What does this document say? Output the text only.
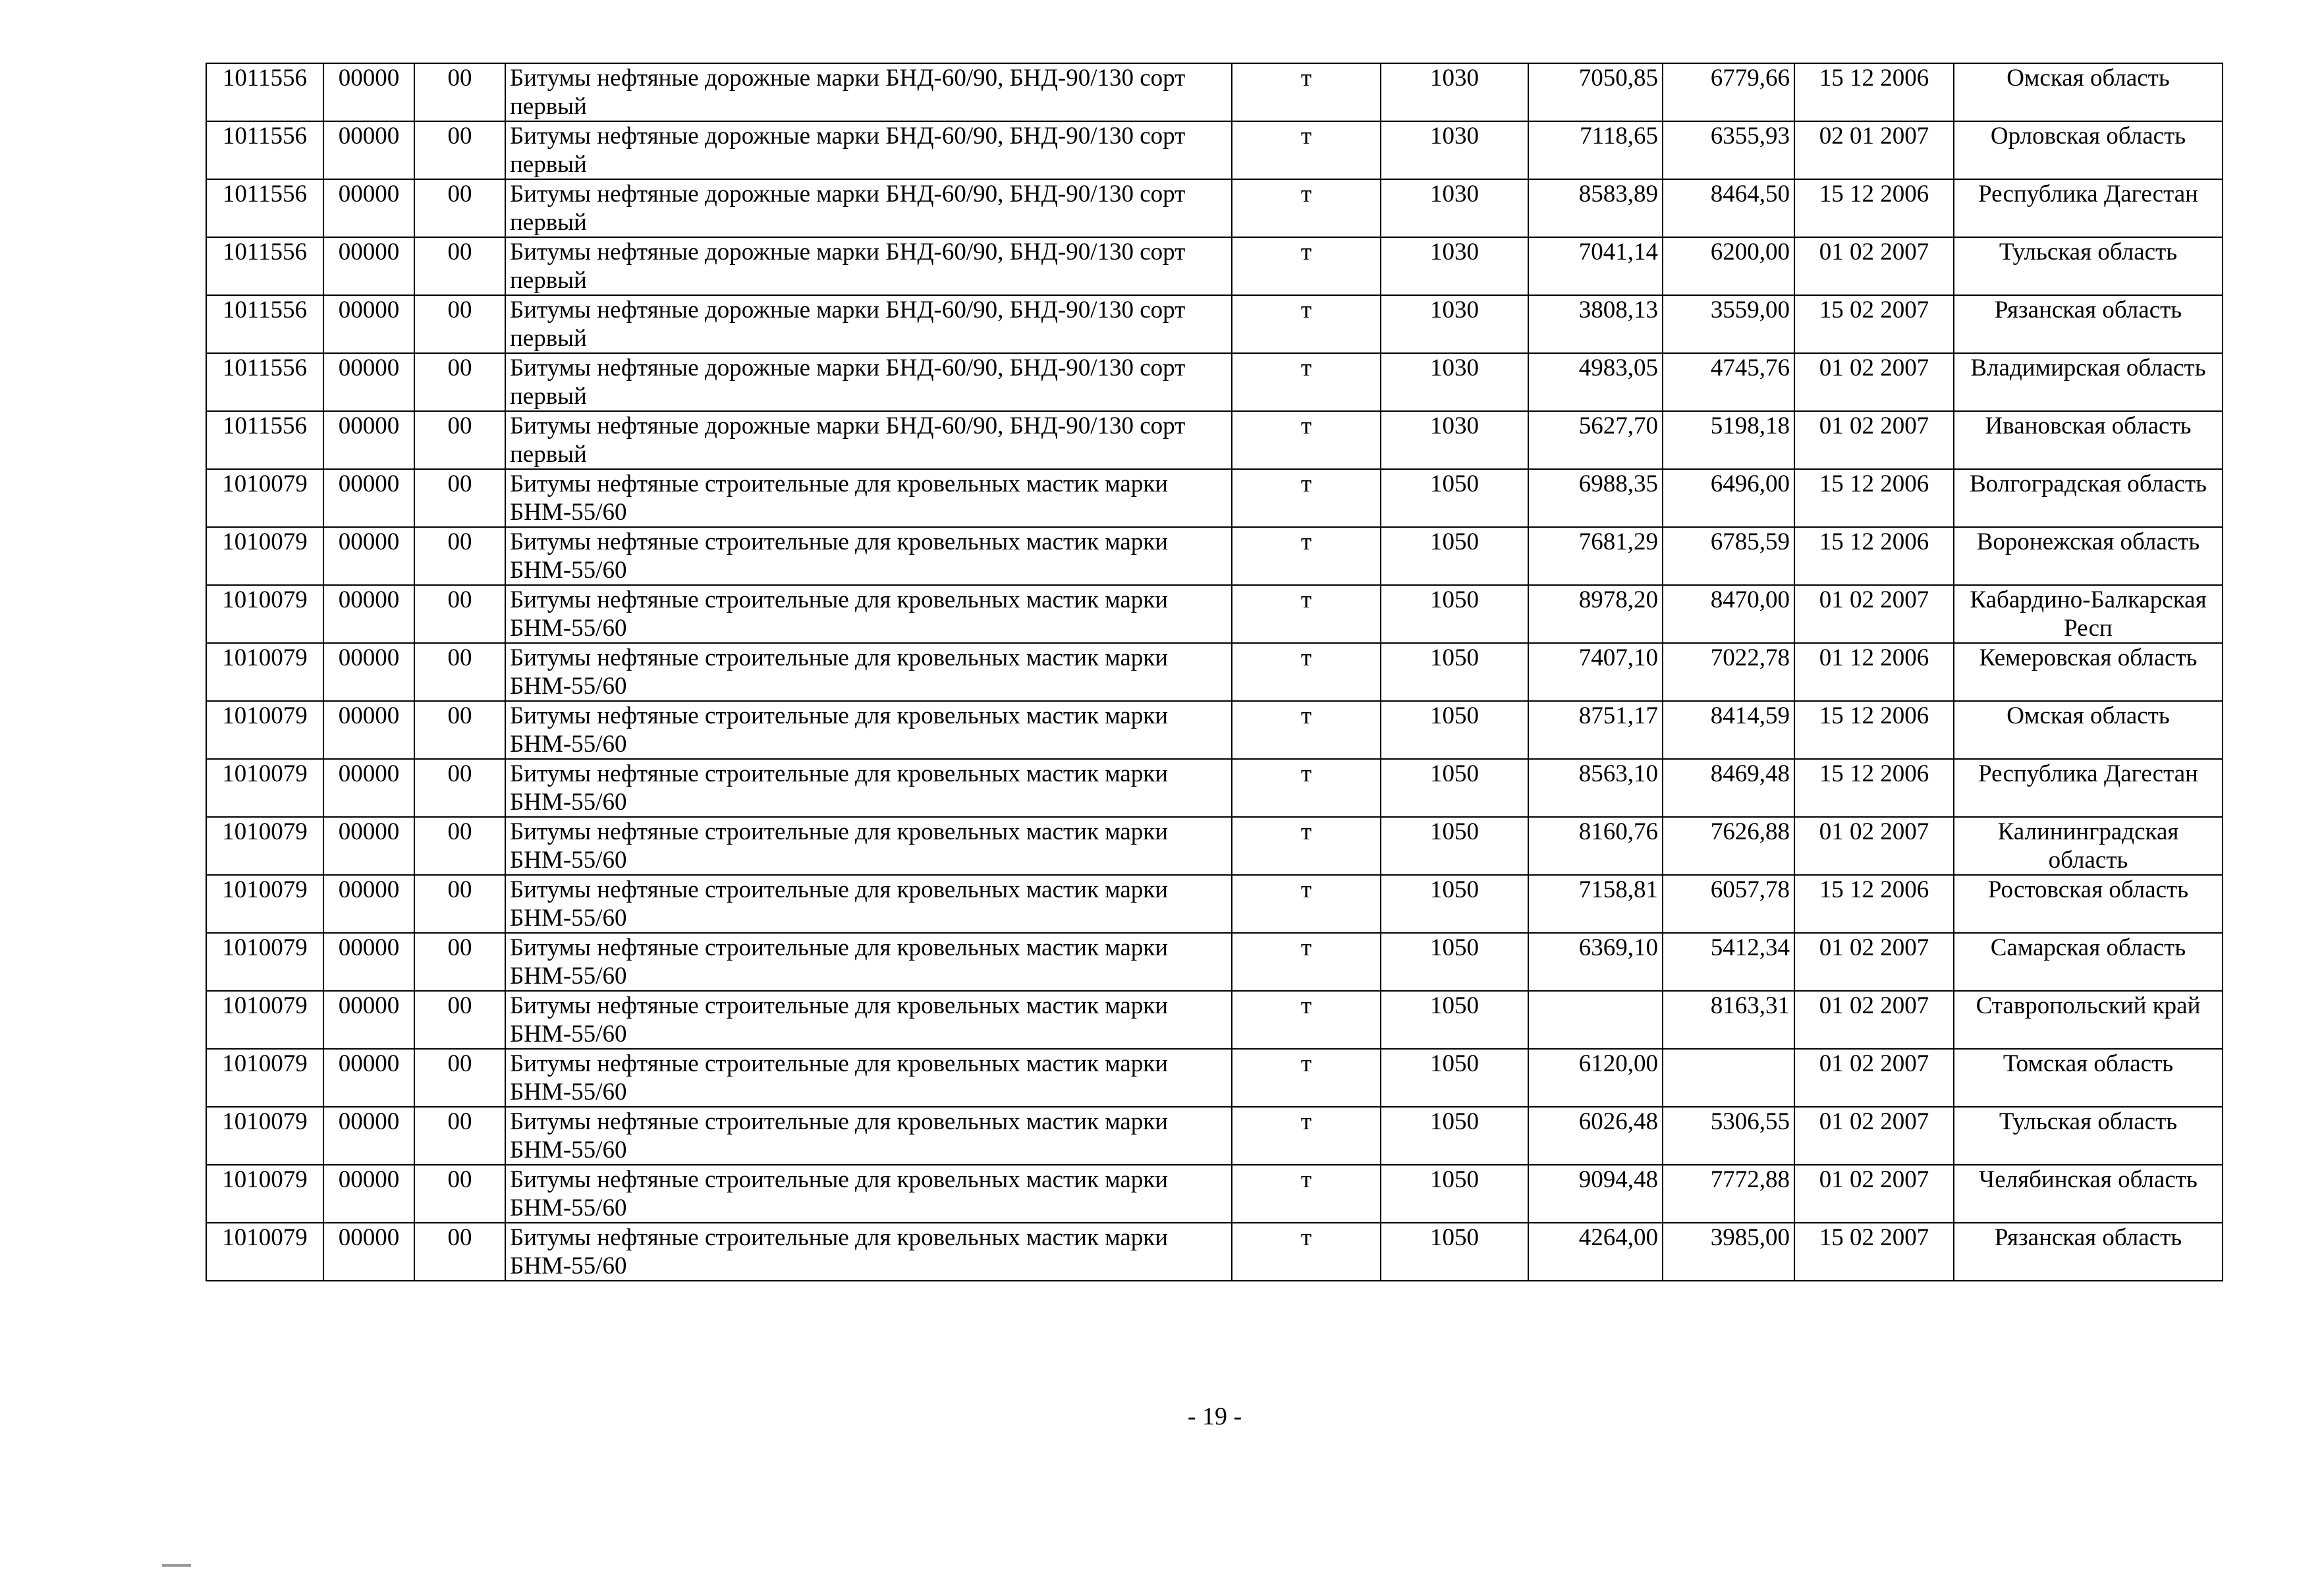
1011556	00000	00	Битумы нефтяные дорожные марки БНД-60/90, БНД-90/130 сорт первый	т	1030	7050,85	6779,66	15 12 2006	Омская область
1011556	00000	00	Битумы нефтяные дорожные марки БНД-60/90, БНД-90/130 сорт первый	т	1030	7118,65	6355,93	02 01 2007	Орловская область
1011556	00000	00	Битумы нефтяные дорожные марки БНД-60/90, БНД-90/130 сорт первый	т	1030	8583,89	8464,50	15 12 2006	Республика Дагестан
1011556	00000	00	Битумы нефтяные дорожные марки БНД-60/90, БНД-90/130 сорт первый	т	1030	7041,14	6200,00	01 02 2007	Тульская область
1011556	00000	00	Битумы нефтяные дорожные марки БНД-60/90, БНД-90/130 сорт первый	т	1030	3808,13	3559,00	15 02 2007	Рязанская область
1011556	00000	00	Битумы нефтяные дорожные марки БНД-60/90, БНД-90/130 сорт первый	т	1030	4983,05	4745,76	01 02 2007	Владимирская область
1011556	00000	00	Битумы нефтяные дорожные марки БНД-60/90, БНД-90/130 сорт первый	т	1030	5627,70	5198,18	01 02 2007	Ивановская область
1010079	00000	00	Битумы нефтяные строительные для кровельных мастик марки БНМ-55/60	т	1050	6988,35	6496,00	15 12 2006	Волгоградская область
1010079	00000	00	Битумы нефтяные строительные для кровельных мастик марки БНМ-55/60	т	1050	7681,29	6785,59	15 12 2006	Воронежская область
1010079	00000	00	Битумы нефтяные строительные для кровельных мастик марки БНМ-55/60	т	1050	8978,20	8470,00	01 02 2007	Кабардино-Балкарская Респ
1010079	00000	00	Битумы нефтяные строительные для кровельных мастик марки БНМ-55/60	т	1050	7407,10	7022,78	01 12 2006	Кемеровская область
1010079	00000	00	Битумы нефтяные строительные для кровельных мастик марки БНМ-55/60	т	1050	8751,17	8414,59	15 12 2006	Омская область
1010079	00000	00	Битумы нефтяные строительные для кровельных мастик марки БНМ-55/60	т	1050	8563,10	8469,48	15 12 2006	Республика Дагестан
1010079	00000	00	Битумы нефтяные строительные для кровельных мастик марки БНМ-55/60	т	1050	8160,76	7626,88	01 02 2007	Калининградская область
1010079	00000	00	Битумы нефтяные строительные для кровельных мастик марки БНМ-55/60	т	1050	7158,81	6057,78	15 12 2006	Ростовская область
1010079	00000	00	Битумы нефтяные строительные для кровельных мастик марки БНМ-55/60	т	1050	6369,10	5412,34	01 02 2007	Самарская область
1010079	00000	00	Битумы нефтяные строительные для кровельных мастик марки БНМ-55/60	т	1050		8163,31	01 02 2007	Ставропольский край
1010079	00000	00	Битумы нефтяные строительные для кровельных мастик марки БНМ-55/60	т	1050	6120,00		01 02 2007	Томская область
1010079	00000	00	Битумы нефтяные строительные для кровельных мастик марки БНМ-55/60	т	1050	6026,48	5306,55	01 02 2007	Тульская область
1010079	00000	00	Битумы нефтяные строительные для кровельных мастик марки БНМ-55/60	т	1050	9094,48	7772,88	01 02 2007	Челябинская область
1010079	00000	00	Битумы нефтяные строительные для кровельных мастик марки БНМ-55/60	т	1050	4264,00	3985,00	15 02 2007	Рязанская область
- 19 -
